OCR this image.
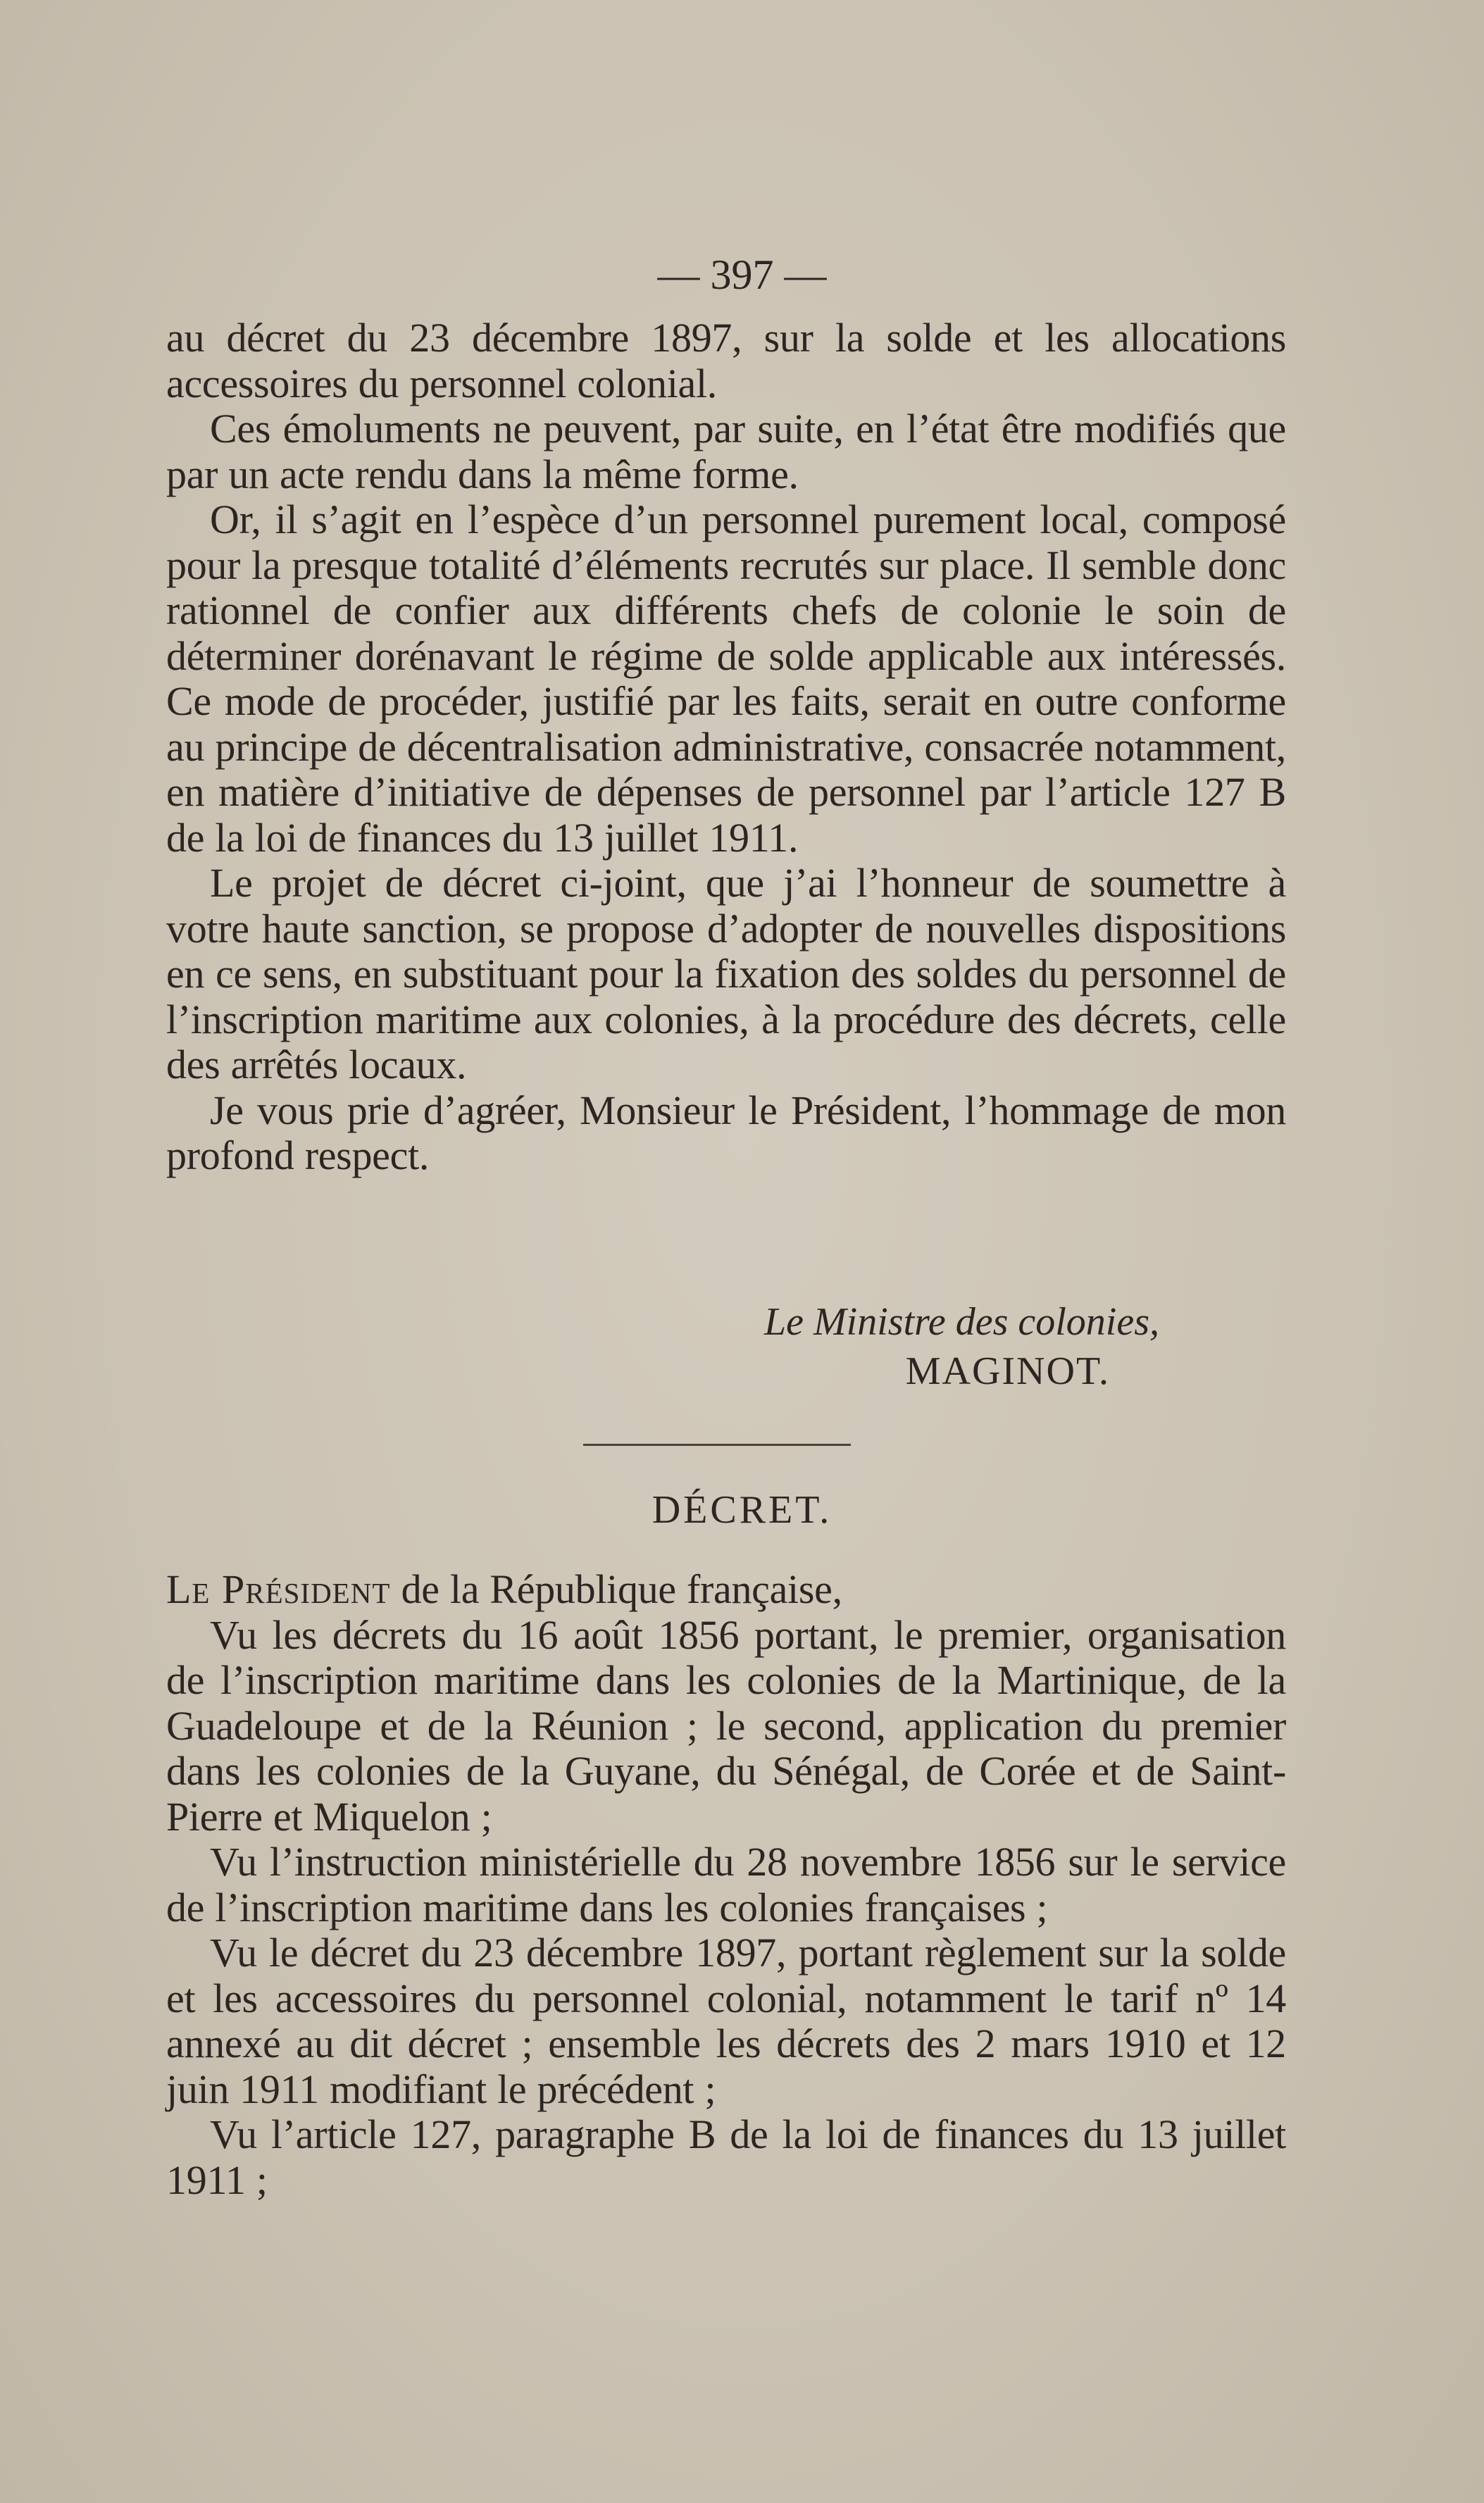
— 397 —

au décret du 23 décembre 1897, sur la solde et les allocations accessoires du personnel colonial.

Ces émoluments ne peuvent, par suite, en l’état être modifiés que par un acte rendu dans la même forme.

Or, il s’agit en l’espèce d’un personnel purement local, composé pour la presque totalité d’éléments recrutés sur place. Il semble donc rationnel de confier aux différents chefs de colonie le soin de déterminer dorénavant le régime de solde applicable aux intéressés. Ce mode de procéder, justifié par les faits, serait en outre conforme au principe de décentralisation administrative, consacrée notamment, en matière d’initiative de dépenses de personnel par l’article 127 B de la loi de finances du 13 juillet 1911.

Le projet de décret ci-joint, que j’ai l’honneur de soumettre à votre haute sanction, se propose d’adopter de nouvelles dispositions en ce sens, en substituant pour la fixation des soldes du personnel de l’inscription maritime aux colonies, à la procédure des décrets, celle des arrêtés locaux.

Je vous prie d’agréer, Monsieur le Président, l’hommage de mon profond respect.

Le Ministre des colonies,

MAGINOT.

DÉCRET.

Le Président de la République française,

Vu les décrets du 16 août 1856 portant, le premier, organisation de l’inscription maritime dans les colonies de la Martinique, de la Guadeloupe et de la Réunion ; le second, application du premier dans les colonies de la Guyane, du Sénégal, de Corée et de Saint-Pierre et Miquelon ;

Vu l’instruction ministérielle du 28 novembre 1856 sur le service de l’inscription maritime dans les colonies françaises ;

Vu le décret du 23 décembre 1897, portant règlement sur la solde et les accessoires du personnel colonial, notamment le tarif nº 14 annexé au dit décret ; ensemble les décrets des 2 mars 1910 et 12 juin 1911 modifiant le précédent ;

Vu l’article 127, paragraphe B de la loi de finances du 13 juillet 1911 ;
